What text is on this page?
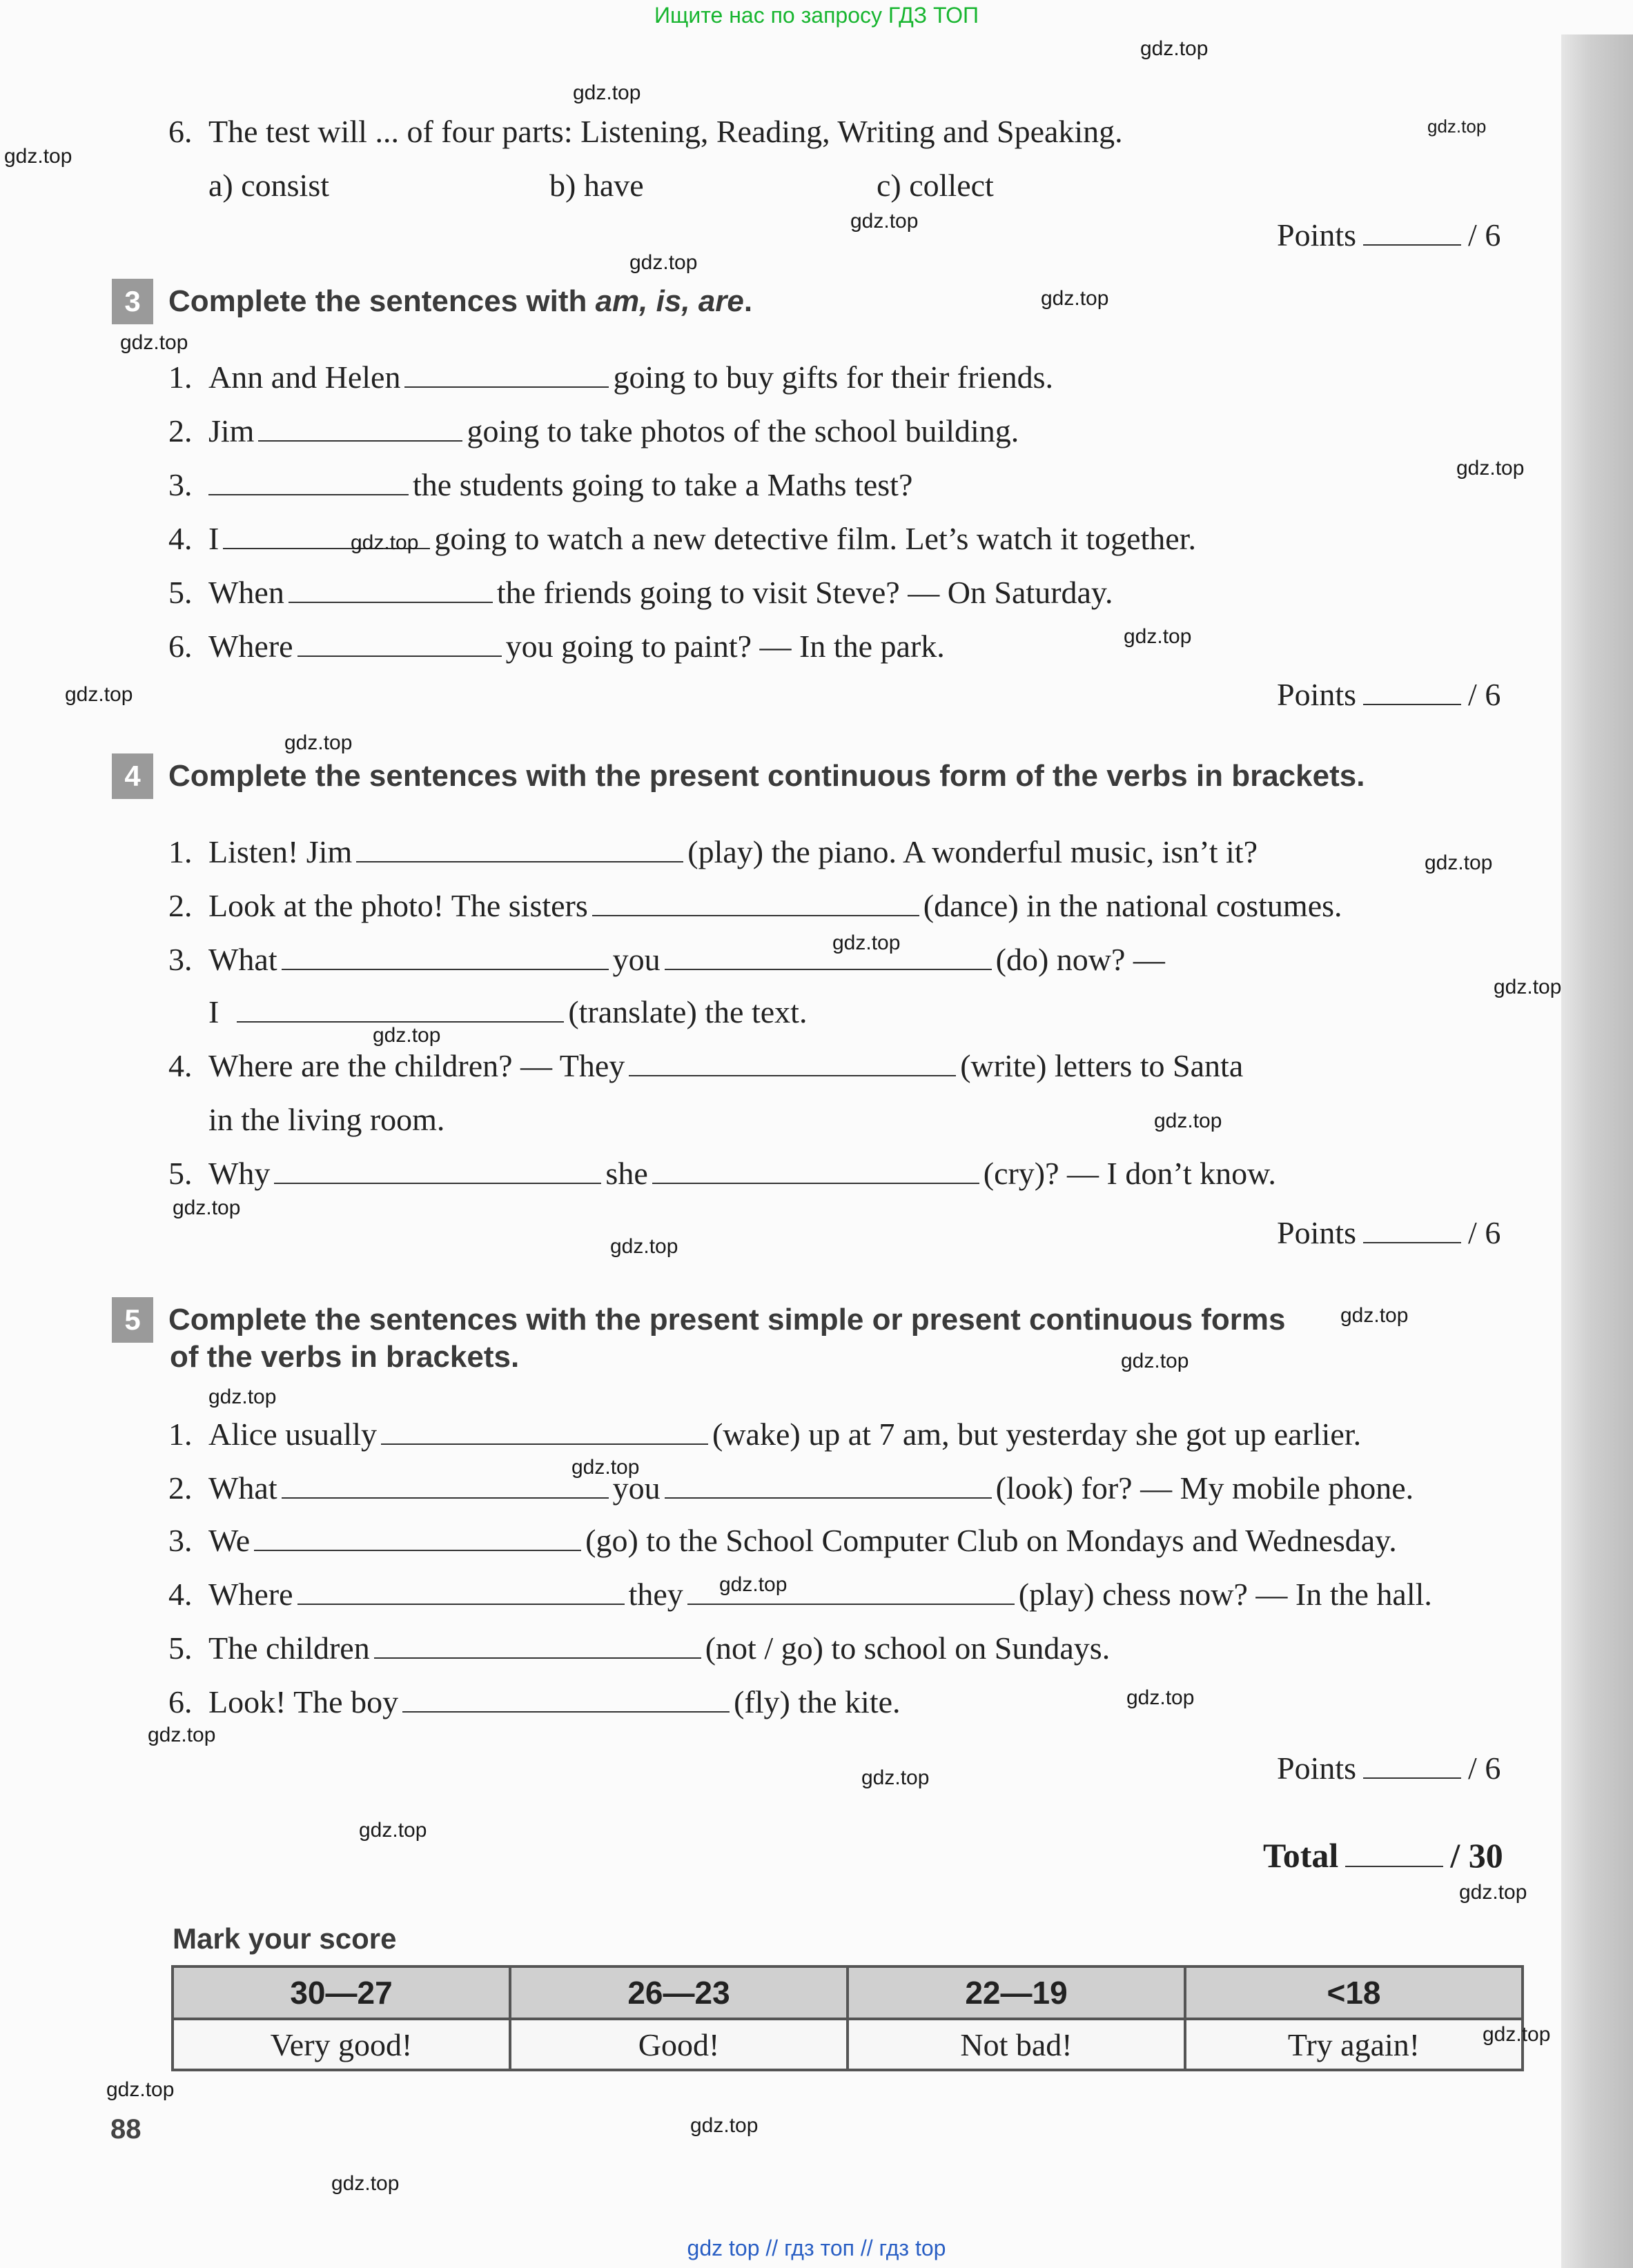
Ищите нас по запросу ГДЗ ТОП
6. The test will ... of four parts: Listening, Reading, Writing and Speaking.
a) consist	b) have	c) collect
Points	/ 6
3 Complete the sentences with am, is, are.
1. Ann and Helen	going to buy gifts for their friends.
2. Jim	going to take photos of the school building.
3.	the students going to take a Maths test?
4. I	going to watch a new detective film. Let’s watch it together.
5. When	the friends going to visit Steve? — On Saturday.
6. Where	you going to paint? — In the park.
Points	/ 6
4 Complete the sentences with the present continuous form of the verbs in brackets.
1. Listen! Jim	(play) the piano. A wonderful music, isn’t it?
2. Look at the photo! The sisters	(dance) in the national costumes.
3. What	you	(do) now? —
I	(translate) the text.
4. Where are the children? — They	(write) letters to Santa
in the living room.
5. Why	she	(cry)? — I don’t know.
Points	/ 6
5 Complete the sentences with the present simple or present continuous forms
of the verbs in brackets.
1. Alice usually	(wake) up at 7 am, but yesterday she got up earlier.
2. What	you	(look) for? — My mobile phone.
3. We	(go) to the School Computer Club on Mondays and Wednesday.
4. Where	they	(play) chess now? — In the hall.
5. The children	(not / go) to school on Sundays.
6. Look! The boy	(fly) the kite.
Points	/ 6
Total	/ 30
Mark your score
30—27	26—23	22—19	<18
Very good!	Good!	Not bad!	Try again!
88
gdz.top
gdz.top
gdz.top
gdz.top
gdz.top
gdz.top
gdz.top
gdz.top
gdz.top
gdz.top
gdz.top
gdz.top
gdz.top
gdz.top
gdz.top
gdz.top
gdz.top
gdz.top
gdz.top
gdz.top
gdz.top
gdz.top
gdz.top
gdz.top
gdz.top
gdz.top
gdz.top
gdz.top
gdz.top
gdz.top
gdz.top
gdz.top
gdz.top
gdz.top
gdz top // гдз топ // гдз top
